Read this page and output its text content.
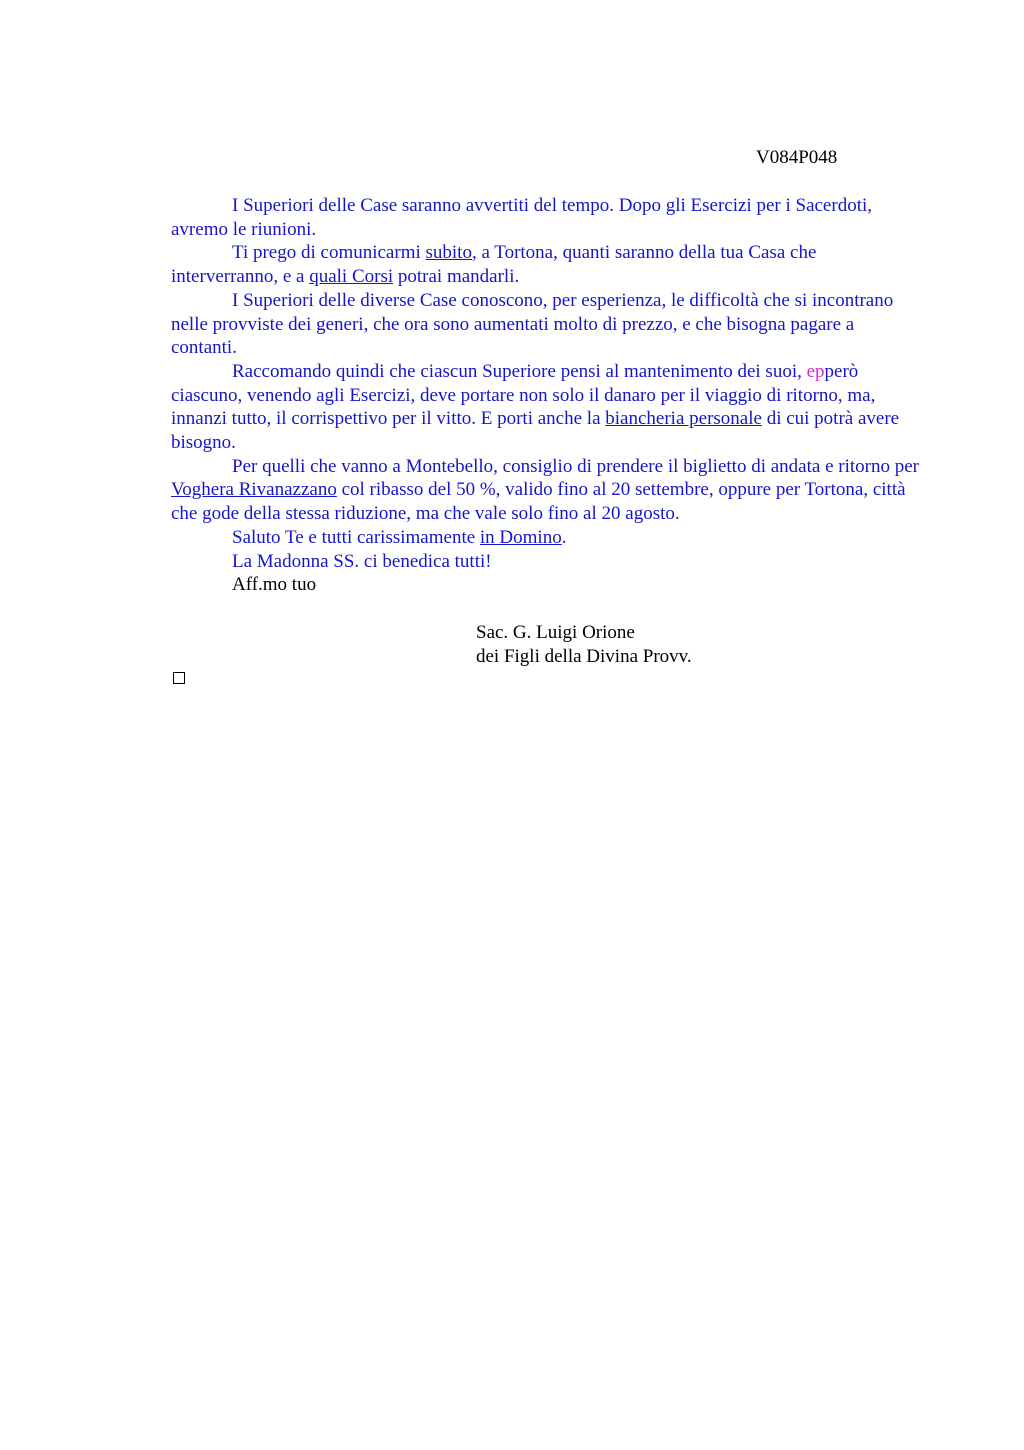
V084P048

I Superiori delle Case saranno avvertiti del tempo. Dopo gli Esercizi per i Sacerdoti, avremo le riunioni.

Ti prego di comunicarmi subito, a Tortona, quanti saranno della tua Casa che interverranno, e a quali Corsi potrai mandarli.

I Superiori delle diverse Case conoscono, per esperienza, le difficoltà che si incontrano nelle provviste dei generi, che ora sono aumentati molto di prezzo, e che bisogna pagare a contanti.

Raccomando quindi che ciascun Superiore pensi al mantenimento dei suoi, epperò ciascuno, venendo agli Esercizi, deve portare non solo il danaro per il viaggio di ritorno, ma, innanzi tutto, il corrispettivo per il vitto. E porti anche la biancheria personale di cui potrà avere bisogno.

Per quelli che vanno a Montebello, consiglio di prendere il biglietto di andata e ritorno per Voghera Rivanazzano col ribasso del 50 %, valido fino al 20 settembre, oppure per Tortona, città che gode della stessa riduzione, ma che vale solo fino al 20 agosto.

Saluto Te e tutti carissimamente in Domino.

La Madonna SS. ci benedica tutti!

Aff.mo tuo

Sac. G. Luigi Orione
dei Figli della Divina Provv.
